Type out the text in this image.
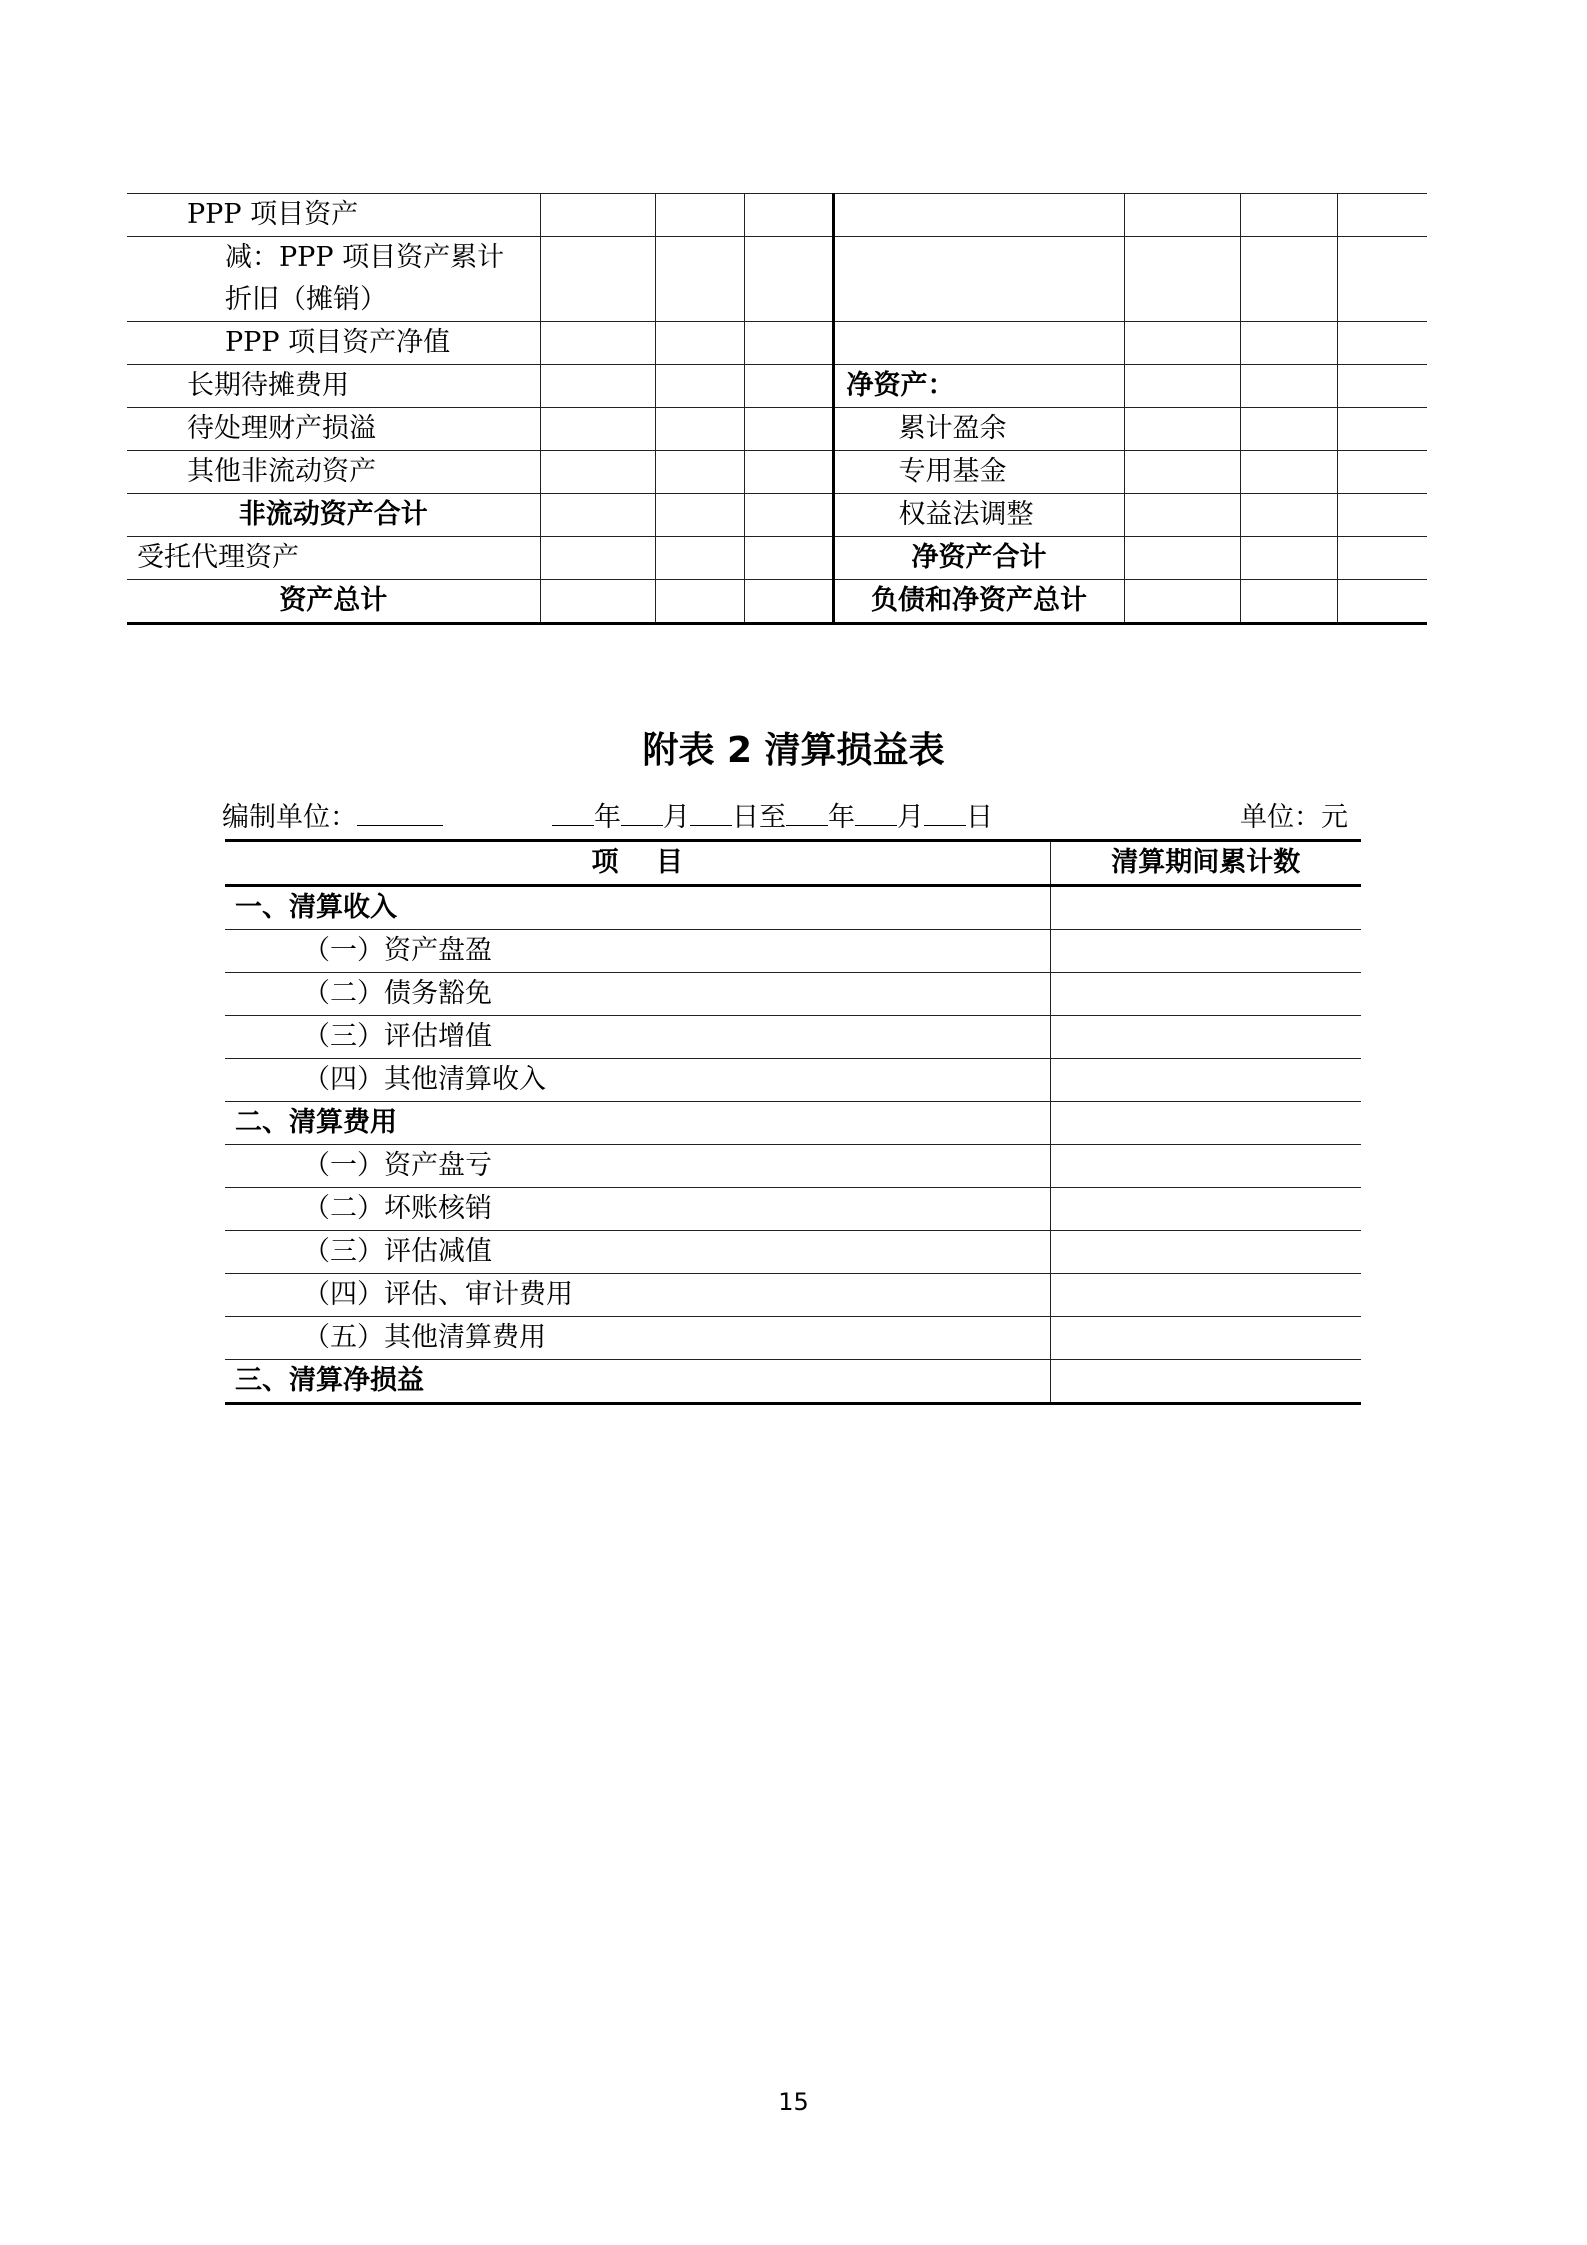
PPP 项目资产							

减：PPP 项目资产累计折旧（摊销）							

PPP 项目资产净值							
长期待摊费用				净资产：			
待处理财产损溢				累计盈余			
其他非流动资产				专用基金			
非流动资产合计				权益法调整			
受托代理资产				净资产合计			
资产总计				负债和净资产总计			
附表 2 清算损益表
编制单位：	年 月 日至 年 月 日	单位：元
项    目	清算期间累计数
一、清算收入	
（一）资产盘盈	
（二）债务豁免	
（三）评估增值	
（四）其他清算收入	
二、清算费用	
（一）资产盘亏	
（二）坏账核销	
（三）评估减值	
（四）评估、审计费用	
（五）其他清算费用	
三、清算净损益	
15
